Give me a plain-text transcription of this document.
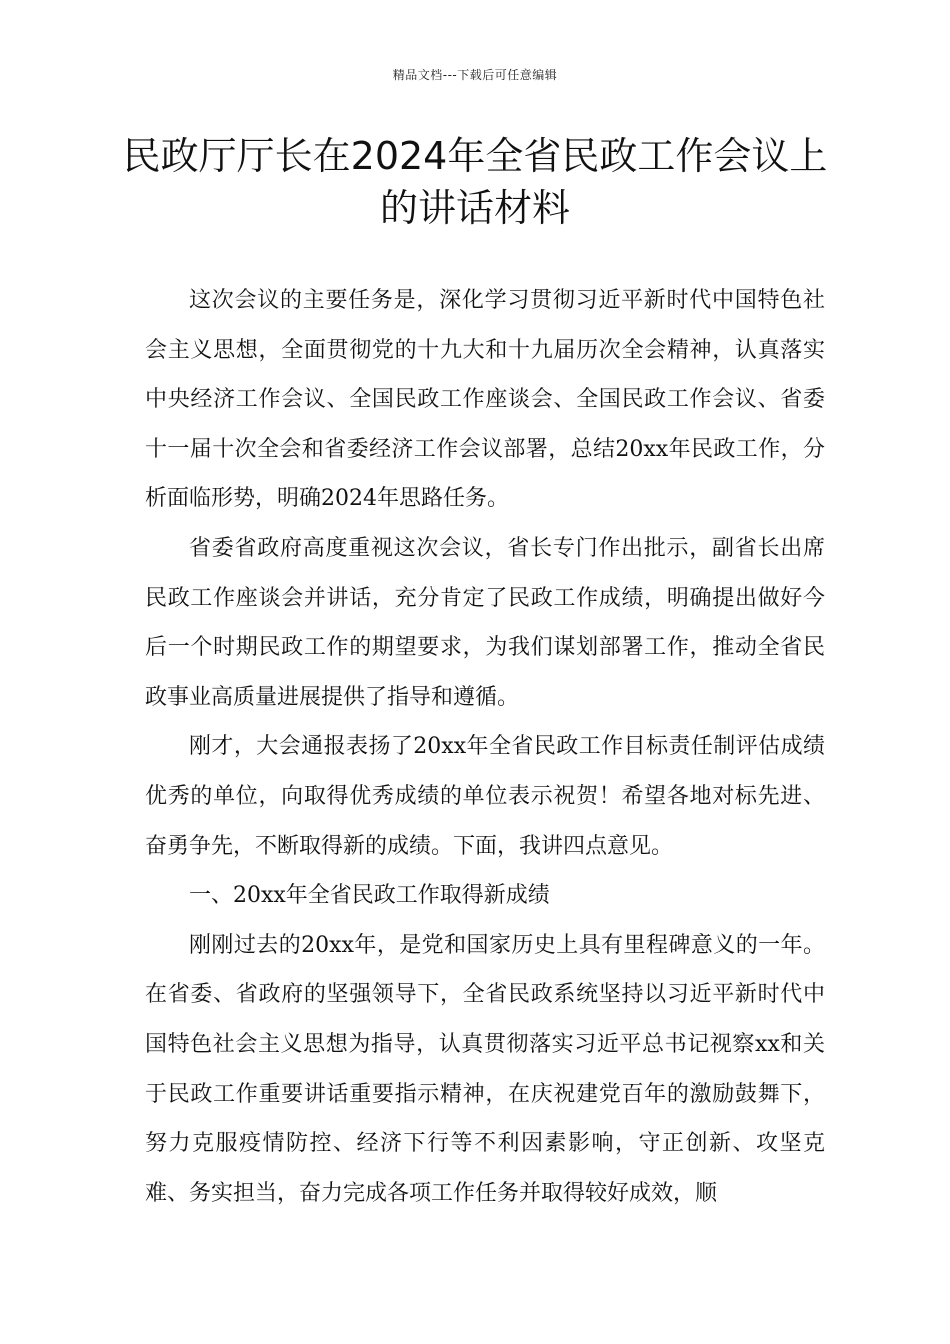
精品文档---下载后可任意编辑
民政厅厅长在2024年全省民政工作会议上的讲话材料

这次会议的主要任务是，深化学习贯彻习近平新时代中国特色社会主义思想，全面贯彻党的十九大和十九届历次全会精神，认真落实中央经济工作会议、全国民政工作座谈会、全国民政工作会议、省委十一届十次全会和省委经济工作会议部署，总结20xx年民政工作，分析面临形势，明确2024年思路任务。

省委省政府高度重视这次会议，省长专门作出批示，副省长出席民政工作座谈会并讲话，充分肯定了民政工作成绩，明确提出做好今后一个时期民政工作的期望要求，为我们谋划部署工作，推动全省民政事业高质量进展提供了指导和遵循。

刚才，大会通报表扬了20xx年全省民政工作目标责任制评估成绩优秀的单位，向取得优秀成绩的单位表示祝贺！希望各地对标先进、奋勇争先，不断取得新的成绩。下面，我讲四点意见。

一、20xx年全省民政工作取得新成绩

刚刚过去的20xx年，是党和国家历史上具有里程碑意义的一年。在省委、省政府的坚强领导下，全省民政系统坚持以习近平新时代中国特色社会主义思想为指导，认真贯彻落实习近平总书记视察xx和关于民政工作重要讲话重要指示精神，在庆祝建党百年的激励鼓舞下，努力克服疫情防控、经济下行等不利因素影响，守正创新、攻坚克难、务实担当，奋力完成各项工作任务并取得较好成效，顺
